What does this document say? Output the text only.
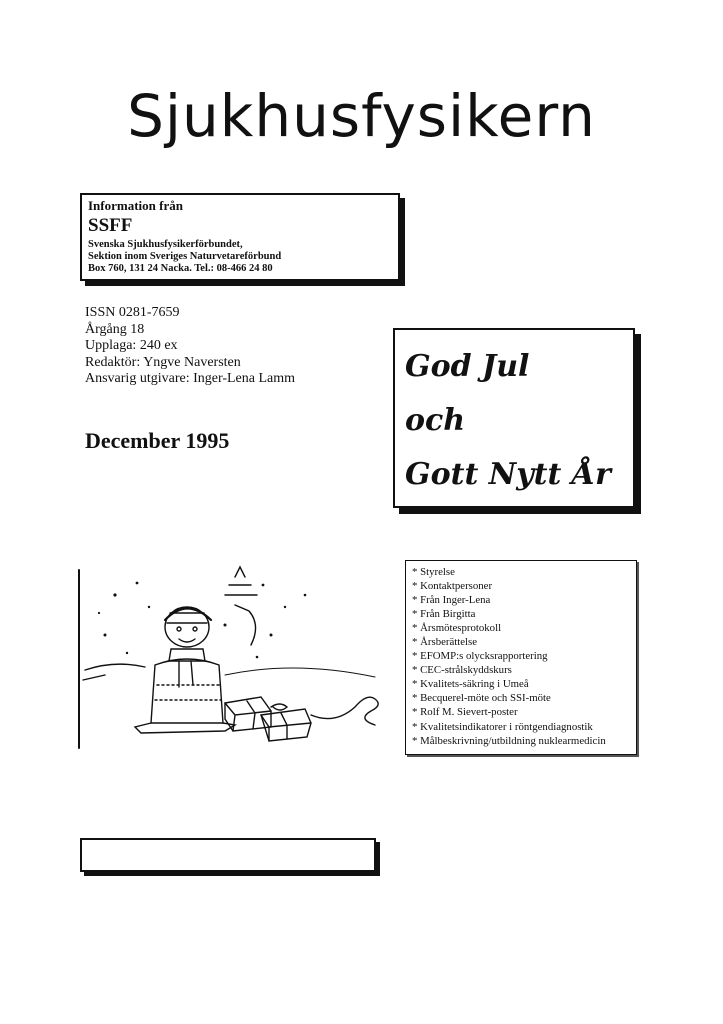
Sjukhusfysikern
Information från
SSFF
Svenska Sjukhusfysikerförbundet,
Sektion inom Sveriges Naturvetareförbund
Box 760, 131 24 Nacka. Tel.: 08-466 24 80
ISSN 0281-7659
Årgång 18
Upplaga: 240 ex
Redaktör: Yngve Naversten
Ansvarig utgivare: Inger-Lena Lamm
December 1995
God Jul
och
Gott Nytt År
* Styrelse
* Kontaktpersoner
* Från Inger-Lena
* Från Birgitta
* Årsmötesprotokoll
* Årsberättelse
* EFOMP:s olycksrapportering
* CEC-strålskyddskurs
* Kvalitets-säkring i Umeå
* Becquerel-möte och SSI-möte
* Rolf M. Sievert-poster
* Kvalitetsindikatorer i röntgendiagnostik
* Målbeskrivning/utbildning nuklearmedicin
